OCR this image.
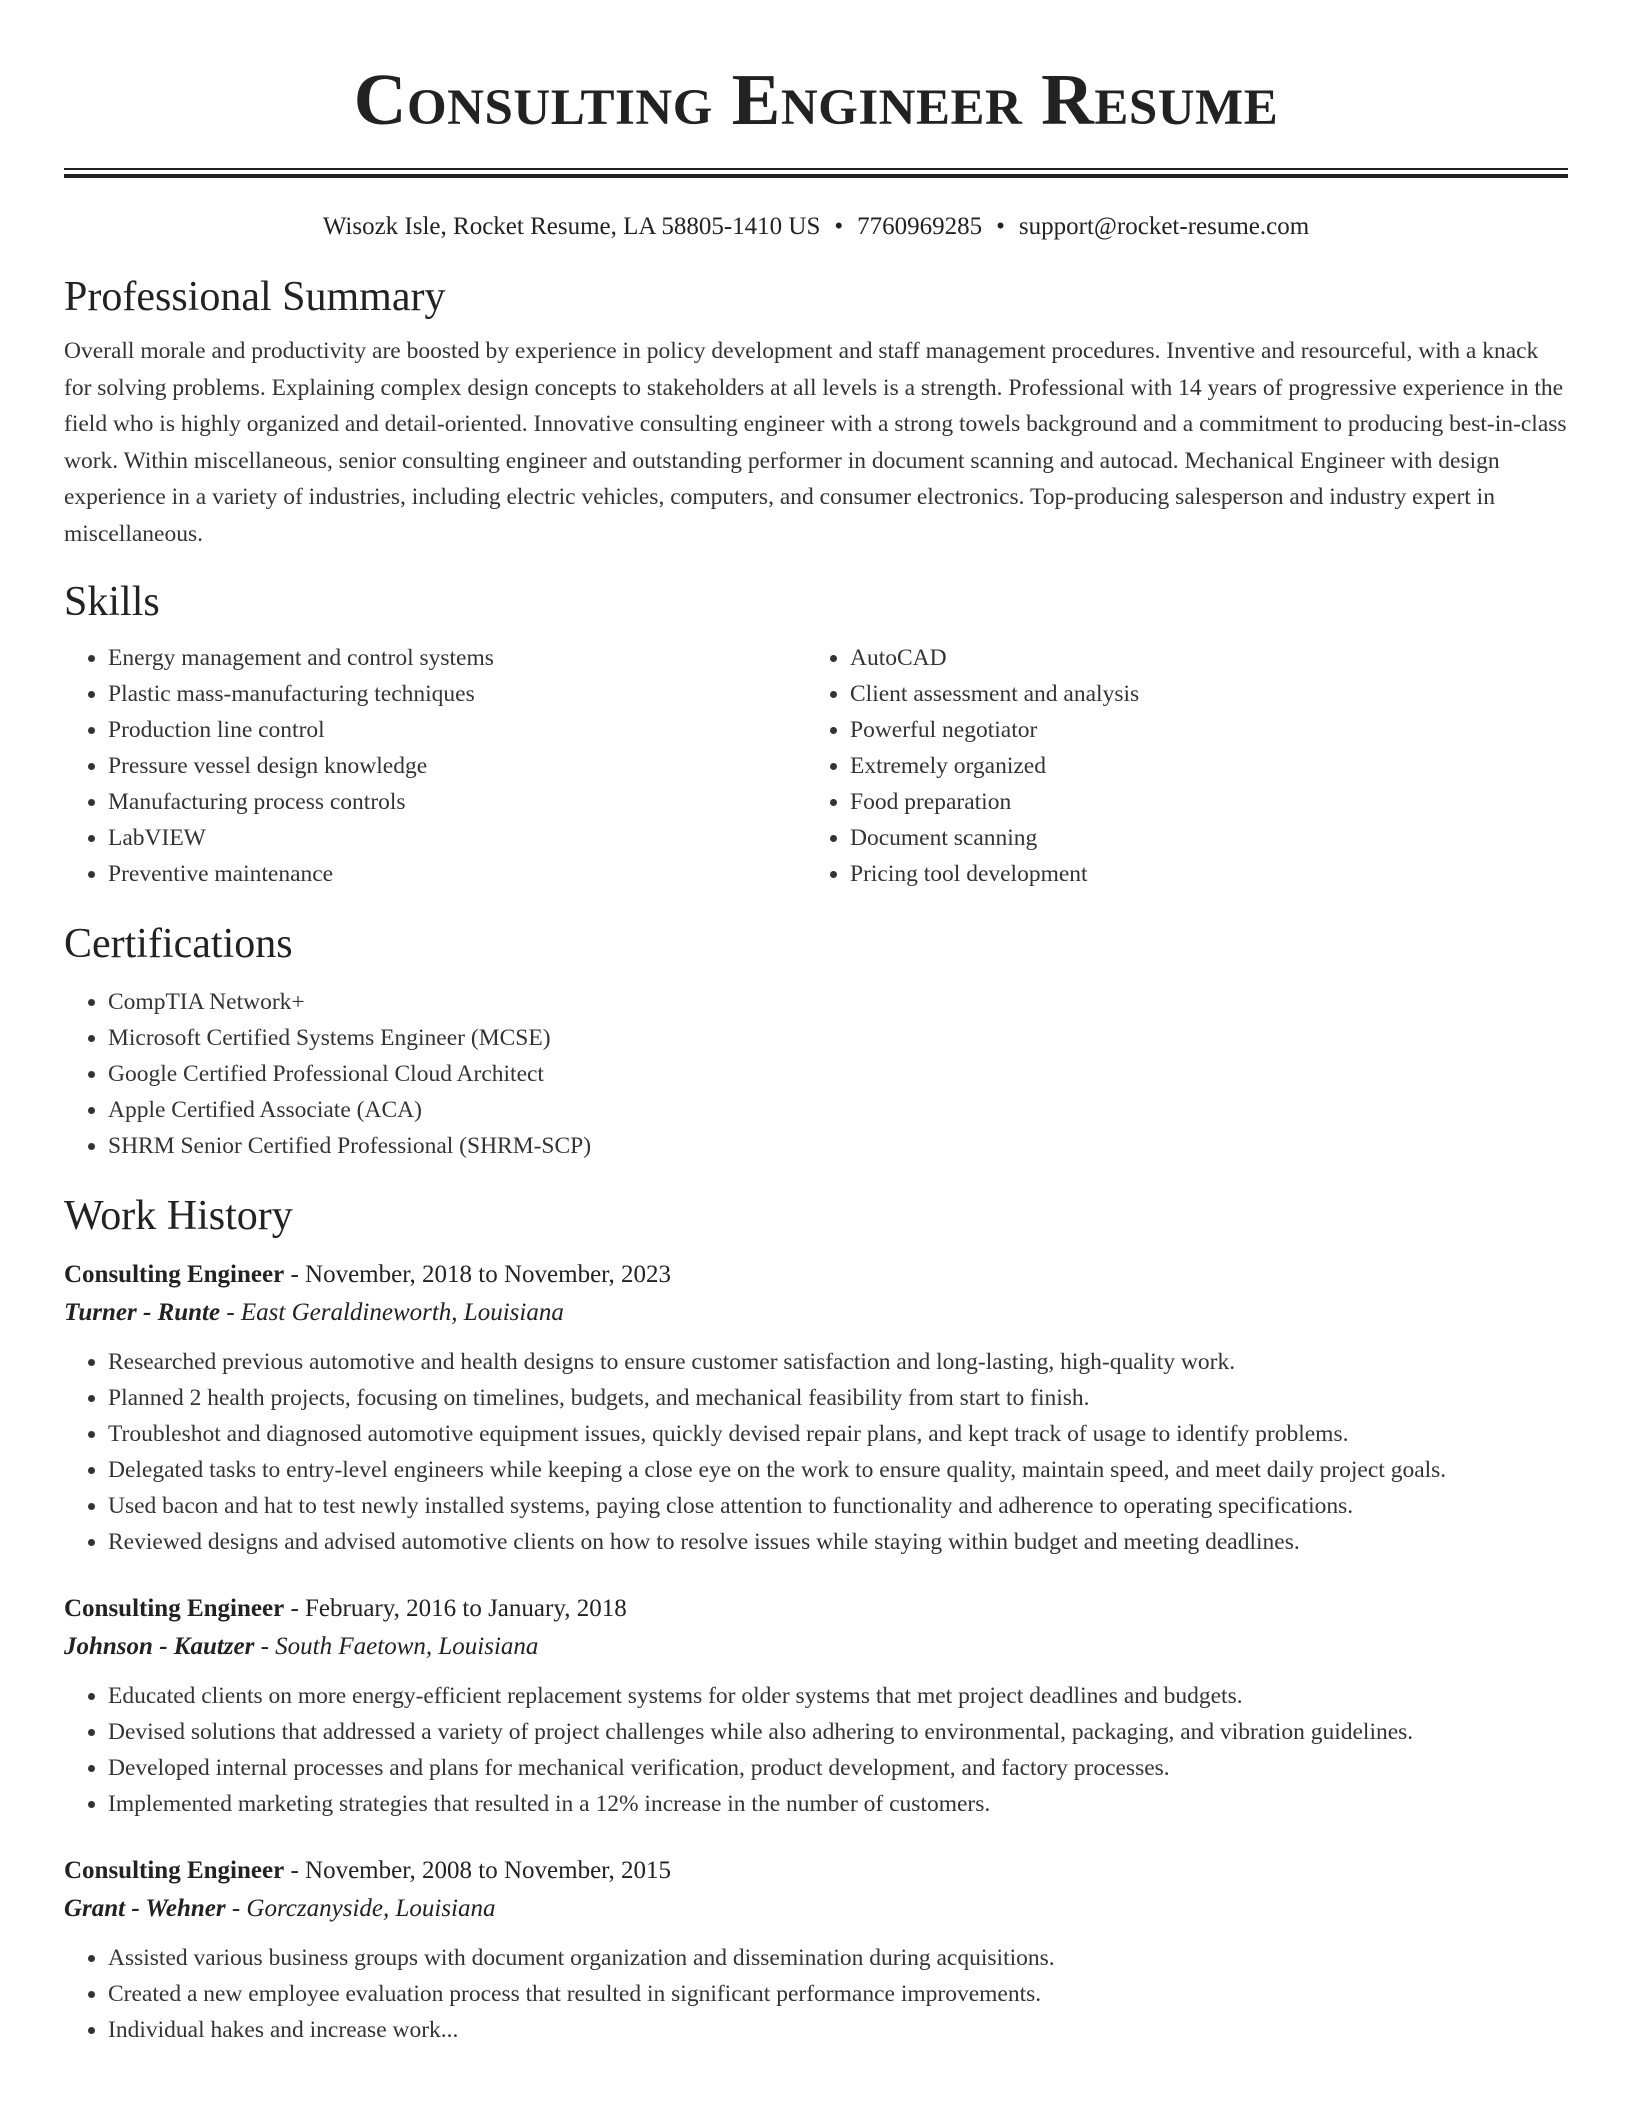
Consulting Engineer Resume
Wisozk Isle, Rocket Resume, LA 58805-1410 US • 7760969285 • support@rocket-resume.com
Professional Summary

Overall morale and productivity are boosted by experience in policy development and staff management procedures. Inventive and resourceful, with a knack for solving problems. Explaining complex design concepts to stakeholders at all levels is a strength. Professional with 14 years of progressive experience in the field who is highly organized and detail-oriented. Innovative consulting engineer with a strong towels background and a commitment to producing best-in-class work. Within miscellaneous, senior consulting engineer and outstanding performer in document scanning and autocad. Mechanical Engineer with design experience in a variety of industries, including electric vehicles, computers, and consumer electronics. Top-producing salesperson and industry expert in miscellaneous.

Skills
• Energy management and control systems
• Plastic mass-manufacturing techniques
• Production line control
• Pressure vessel design knowledge
• Manufacturing process controls
• LabVIEW
• Preventive maintenance
• AutoCAD
• Client assessment and analysis
• Powerful negotiator
• Extremely organized
• Food preparation
• Document scanning
• Pricing tool development
Certifications
• CompTIA Network+
• Microsoft Certified Systems Engineer (MCSE)
• Google Certified Professional Cloud Architect
• Apple Certified Associate (ACA)
• SHRM Senior Certified Professional (SHRM-SCP)
Work History
Consulting Engineer - November, 2018 to November, 2023
Turner - Runte - East Geraldineworth, Louisiana
• Researched previous automotive and health designs to ensure customer satisfaction and long-lasting, high-quality work.
• Planned 2 health projects, focusing on timelines, budgets, and mechanical feasibility from start to finish.
• Troubleshot and diagnosed automotive equipment issues, quickly devised repair plans, and kept track of usage to identify problems.
• Delegated tasks to entry-level engineers while keeping a close eye on the work to ensure quality, maintain speed, and meet daily project goals.
• Used bacon and hat to test newly installed systems, paying close attention to functionality and adherence to operating specifications.
• Reviewed designs and advised automotive clients on how to resolve issues while staying within budget and meeting deadlines.
Consulting Engineer - February, 2016 to January, 2018
Johnson - Kautzer - South Faetown, Louisiana
• Educated clients on more energy-efficient replacement systems for older systems that met project deadlines and budgets.
• Devised solutions that addressed a variety of project challenges while also adhering to environmental, packaging, and vibration guidelines.
• Developed internal processes and plans for mechanical verification, product development, and factory processes.
• Implemented marketing strategies that resulted in a 12% increase in the number of customers.
Consulting Engineer - November, 2008 to November, 2015
Grant - Wehner - Gorczanyside, Louisiana
• Assisted various business groups with document organization and dissemination during acquisitions.
• Created a new employee evaluation process that resulted in significant performance improvements.
• Individual hakes and increase work...
